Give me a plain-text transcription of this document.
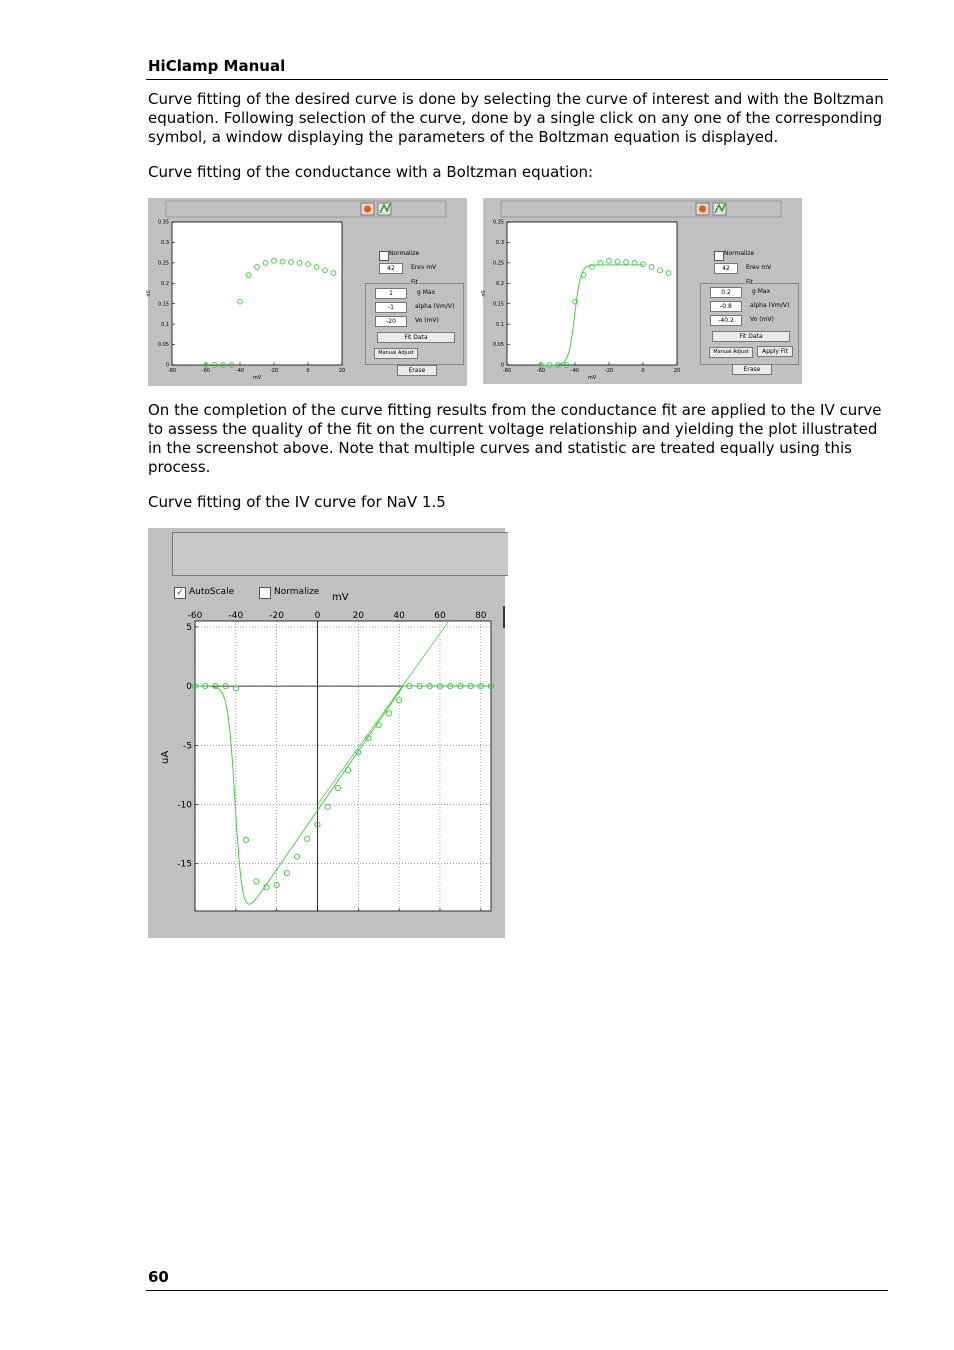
HiClamp Manual

Curve fitting of the desired curve is done by selecting the curve of interest and with the Boltzman equation. Following selection of the curve, done by a single click on any one of the corresponding symbol, a window displaying the parameters of the Boltzman equation is displayed.

Curve fitting of the conductance with a Boltzman equation:

-80	-60	-40	-20	0	20
0
0.05
0.1
0.15
0.2
0.25
0.3
0.35
mV
nS
Normalize
42	Erev mV
Fit
1	g Max
-1	alpha (Vm/V)
-20	Vo (mV)
Fit Data
Manual Adjust
Erase	-80	-60	-40	-20	0	20
0
0.05
0.1
0.15
0.2
0.25
0.3
0.35
mV
nS
Normalize
42	Erev mV
Fit
0.2	g Max
-0.8	alpha (Vm/V)
-40.2	Vo (mV)
Fit Data
Manual Adjust	Apply Fit
Erase

On the completion of the curve fitting results from the conductance fit are applied to the IV curve to assess the quality of the fit on the current voltage relationship and yielding the plot illustrated in the screenshot above. Note that multiple curves and statistic are treated equally using this process.

Curve fitting of the IV curve for NaV 1.5

✓ AutoScale	Normalize mV
uA
-60	-40	-20	0	20	40	60	80
5
0
-5
-10
-15
60
